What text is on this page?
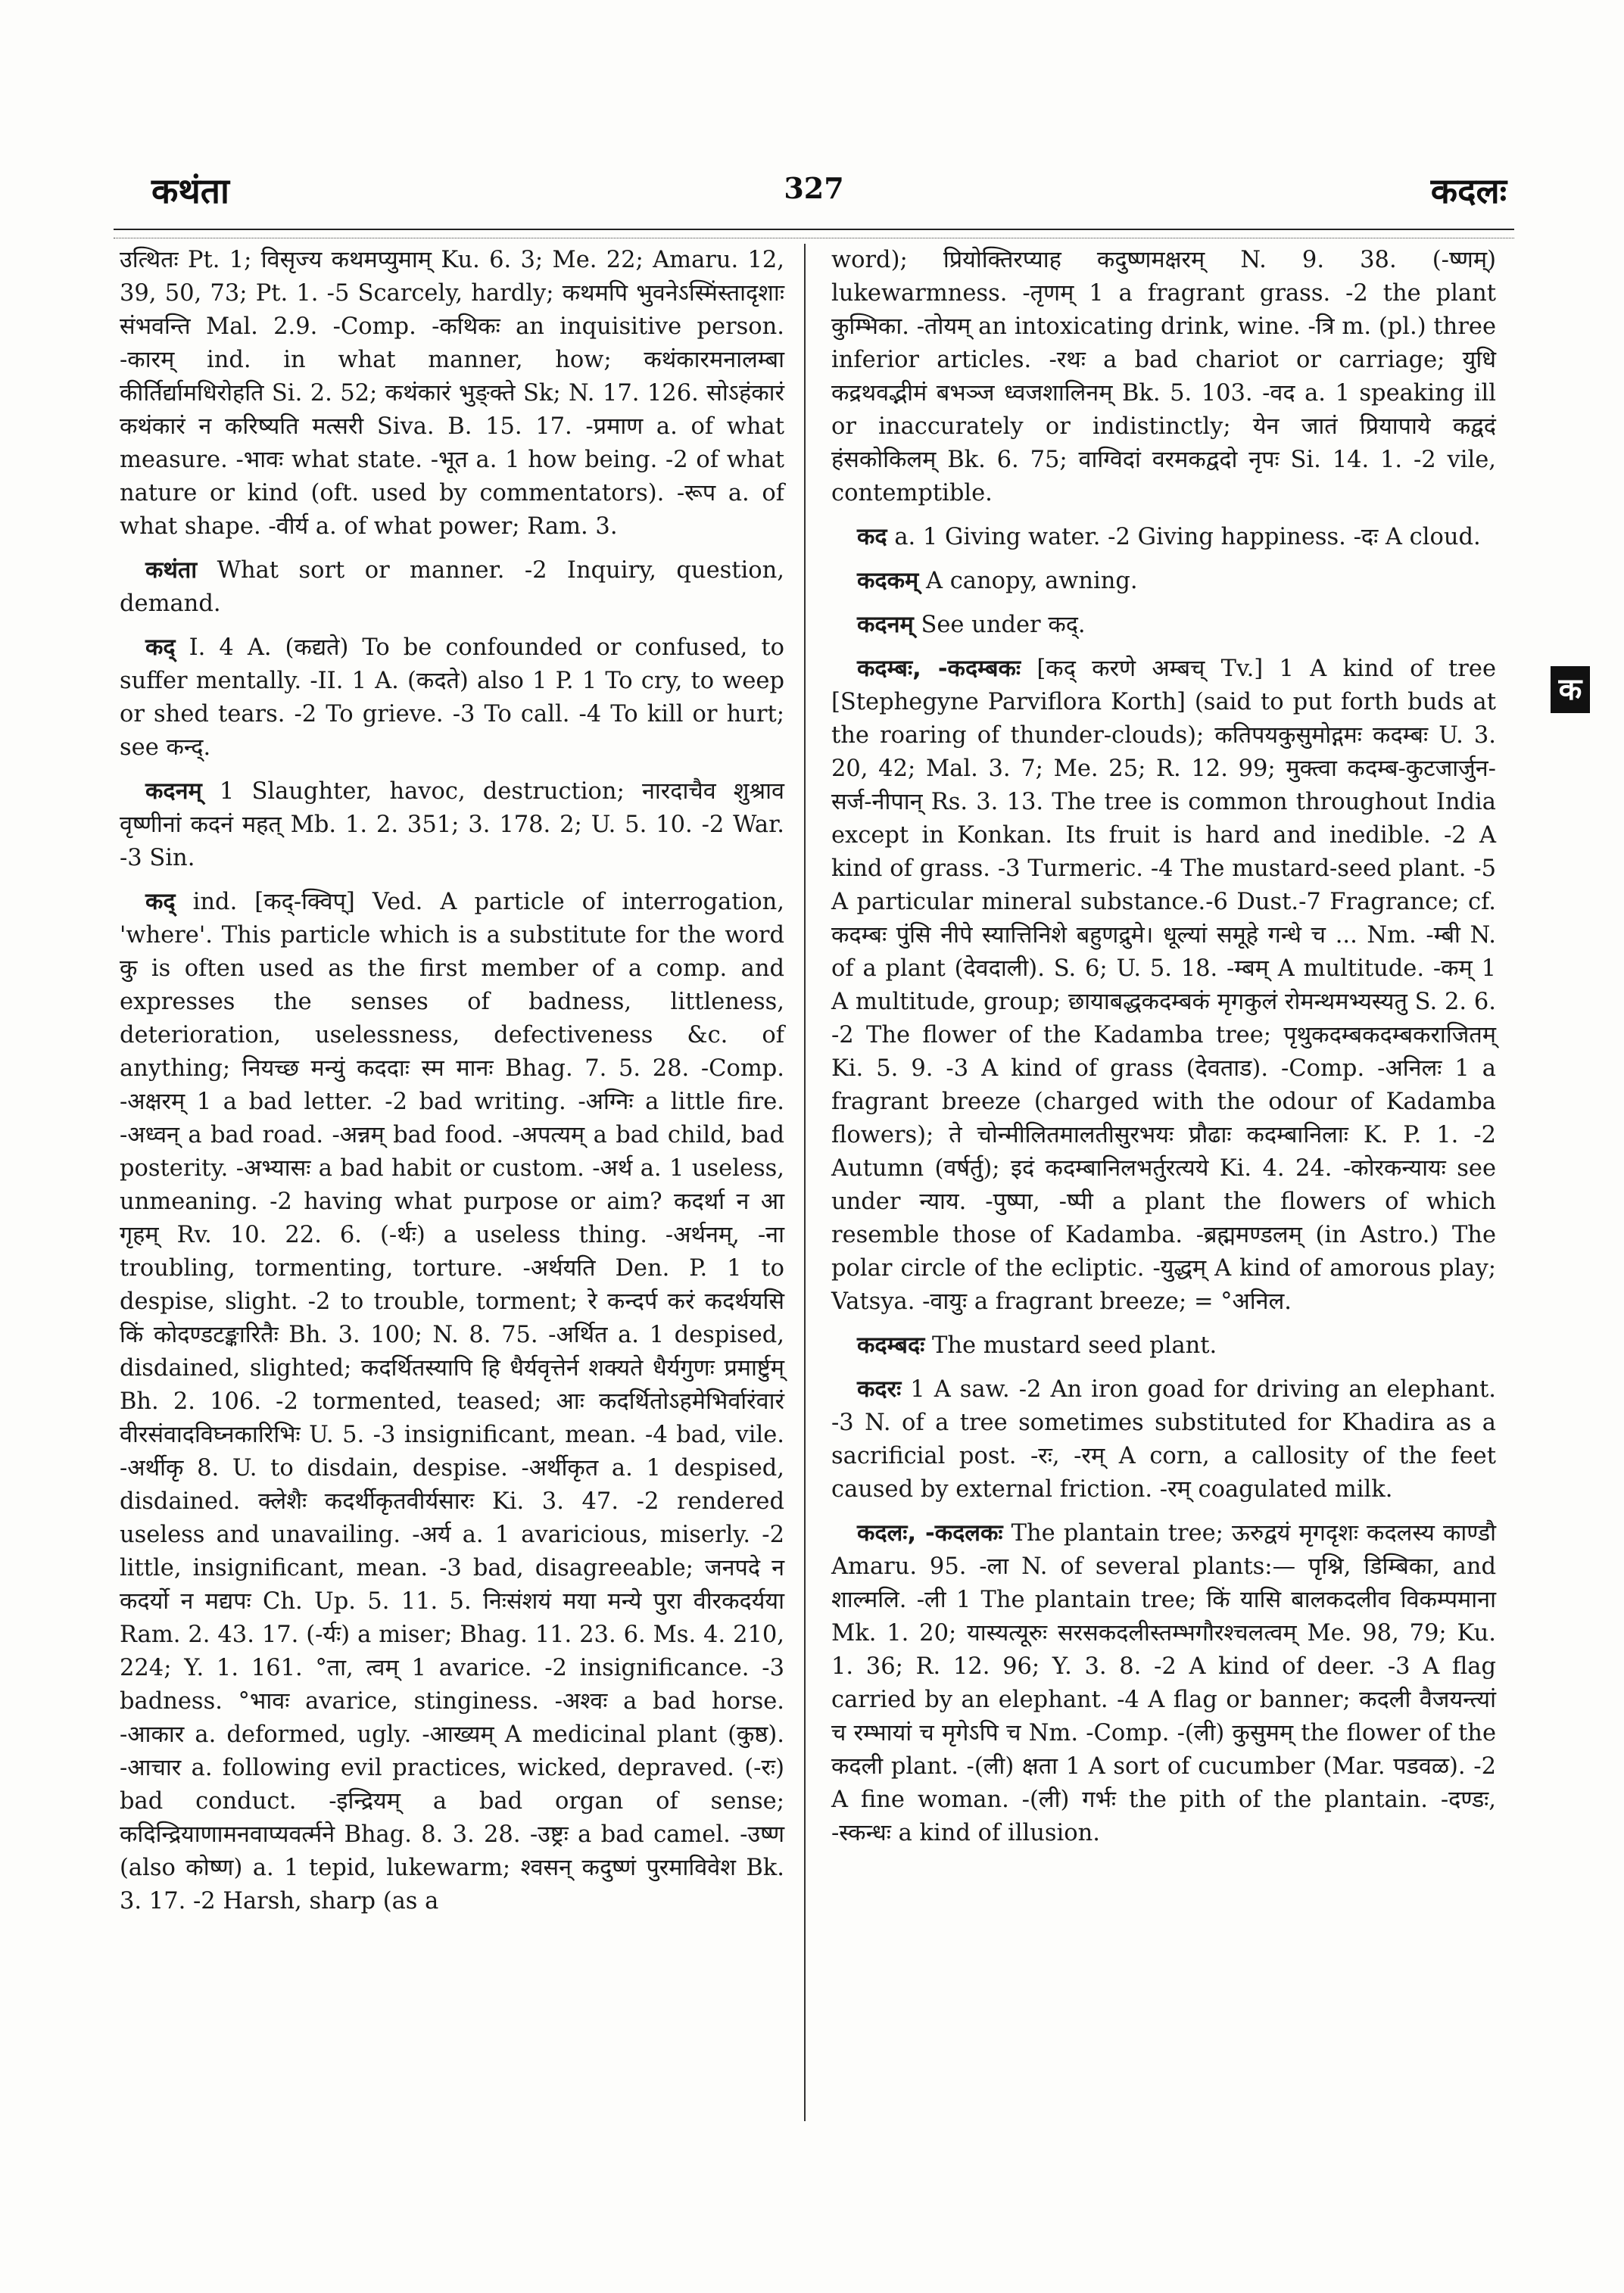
कथंता	327	कदलः

उत्थितः Pt. 1; विसृज्य कथमप्युमाम् Ku. 6. 3; Me. 22; Amaru. 12, 39, 50, 73; Pt. 1. -5 Scarcely, hardly; कथमपि भुवनेऽस्मिंस्तादृशाः संभवन्ति Mal. 2.9. -Comp. -कथिकः an inquisitive person. -कारम् ind. in what manner, how; कथंकारमनालम्बा कीर्तिर्द्यामधिरोहति Si. 2. 52; कथंकारं भुङ्क्ते Sk; N. 17. 126. सोऽहंकारं कथंकारं न करिष्यति मत्सरी Siva. B. 15. 17. -प्रमाण a. of what measure. -भावः what state. -भूत a. 1 how being. -2 of what nature or kind (oft. used by commentators). -रूप a. of what shape. -वीर्य a. of what power; Ram. 3.

कथंता What sort or manner. -2 Inquiry, question, demand.

कद् I. 4 A. (कद्यते) To be confounded or confused, to suffer mentally. -II. 1 A. (कदते) also 1 P. 1 To cry, to weep or shed tears. -2 To grieve. -3 To call. -4 To kill or hurt; see कन्द्.

कदनम् 1 Slaughter, havoc, destruction; नारदाचैव शुश्राव वृष्णीनां कदनं महत् Mb. 1. 2. 351; 3. 178. 2; U. 5. 10. -2 War. -3 Sin.

कद् ind. [कद्-क्विप्] Ved. A particle of interrogation, 'where'. This particle which is a substitute for the word कु is often used as the first member of a comp. and expresses the senses of badness, littleness, deterioration, uselessness, defectiveness &c. of anything; नियच्छ मन्युं कददाः स्म मानः Bhag. 7. 5. 28. -Comp. -अक्षरम् 1 a bad letter. -2 bad writing. -अग्निः a little fire. -अध्वन् a bad road. -अन्नम् bad food. -अपत्यम् a bad child, bad posterity. -अभ्यासः a bad habit or custom. -अर्थ a. 1 useless, unmeaning. -2 having what purpose or aim? कदर्था न आ गृहम् Rv. 10. 22. 6. (-र्थः) a useless thing. -अर्थनम्, -ना troubling, tormenting, torture. -अर्थयति Den. P. 1 to despise, slight. -2 to trouble, torment; रे कन्दर्प करं कदर्थयसि किं कोदण्डटङ्कारितैः Bh. 3. 100; N. 8. 75. -अर्थित a. 1 despised, disdained, slighted; कदर्थितस्यापि हि धैर्यवृत्तेर्न शक्यते धैर्यगुणः प्रमार्ष्टुम् Bh. 2. 106. -2 tormented, teased; आः कदर्थितोऽहमेभिर्वारंवारं वीरसंवादविघ्नकारिभिः U. 5. -3 insignificant, mean. -4 bad, vile. -अर्थीकृ 8. U. to disdain, despise. -अर्थीकृत a. 1 despised, disdained. क्लेशैः कदर्थीकृतवीर्यसारः Ki. 3. 47. -2 rendered useless and unavailing. -अर्य a. 1 avaricious, miserly. -2 little, insignificant, mean. -3 bad, disagreeable; जनपदे न कदर्यो न मद्यपः Ch. Up. 5. 11. 5. निःसंशयं मया मन्ये पुरा वीरकदर्यया Ram. 2. 43. 17. (-र्यः) a miser; Bhag. 11. 23. 6. Ms. 4. 210, 224; Y. 1. 161. °ता, त्वम् 1 avarice. -2 insignificance. -3 badness. °भावः avarice, stinginess. -अश्वः a bad horse. -आकार a. deformed, ugly. -आख्यम् A medicinal plant (कुष्ठ). -आचार a. following evil practices, wicked, depraved. (-रः) bad conduct. -इन्द्रियम् a bad organ of sense; कदिन्द्रियाणामनवाप्यवर्त्मने Bhag. 8. 3. 28. -उष्ट्रः a bad camel. -उष्ण (also कोष्ण) a. 1 tepid, lukewarm; श्वसन् कदुष्णं पुरमाविवेश Bk. 3. 17. -2 Harsh, sharp (as a

word); प्रियोक्तिरप्याह कदुष्णमक्षरम् N. 9. 38. (-ष्णम्) lukewarmness. -तृणम् 1 a fragrant grass. -2 the plant कुम्भिका. -तोयम् an intoxicating drink, wine. -त्रि m. (pl.) three inferior articles. -रथः a bad chariot or carriage; युधि कद्रथवद्भीमं बभञ्ज ध्वजशालिनम् Bk. 5. 103. -वद a. 1 speaking ill or inaccurately or indistinctly; येन जातं प्रियापाये कद्वदं हंसकोकिलम् Bk. 6. 75; वाग्विदां वरमकद्वदो नृपः Si. 14. 1. -2 vile, contemptible.

कद a. 1 Giving water. -2 Giving happiness. -दः A cloud.

कदकम् A canopy, awning.

कदनम् See under कद्.

कदम्बः, -कदम्बकः [कद् करणे अम्बच् Tv.] 1 A kind of tree [Stephegyne Parviflora Korth] (said to put forth buds at the roaring of thunder-clouds); कतिपयकुसुमोद्गमः कदम्बः U. 3. 20, 42; Mal. 3. 7; Me. 25; R. 12. 99; मुक्त्वा कदम्ब-कुटजार्जुन-सर्ज-नीपान् Rs. 3. 13. The tree is common throughout India except in Konkan. Its fruit is hard and inedible. -2 A kind of grass. -3 Turmeric. -4 The mustard-seed plant. -5 A particular mineral substance.-6 Dust.-7 Fragrance; cf. कदम्बः पुंसि नीपे स्यात्तिनिशे बहुणद्रुमे। धूल्यां समूहे गन्धे च ... Nm. -म्बी N. of a plant (देवदाली). S. 6; U. 5. 18. -म्बम् A multitude. -कम् 1 A multitude, group; छायाबद्धकदम्बकं मृगकुलं रोमन्थमभ्यस्यतु S. 2. 6. -2 The flower of the Kadamba tree; पृथुकदम्बकदम्बकराजितम् Ki. 5. 9. -3 A kind of grass (देवताड). -Comp. -अनिलः 1 a fragrant breeze (charged with the odour of Kadamba flowers); ते चोन्मीलितमालतीसुरभयः प्रौढाः कदम्बानिलाः K. P. 1. -2 Autumn (वर्षर्तु); इदं कदम्बानिलभर्तुरत्यये Ki. 4. 24. -कोरकन्यायः see under न्याय. -पुष्पा, -ष्पी a plant the flowers of which resemble those of Kadamba. -ब्रह्ममण्डलम् (in Astro.) The polar circle of the ecliptic. -युद्धम् A kind of amorous play; Vatsya. -वायुः a fragrant breeze; = °अनिल.

कदम्बदः The mustard seed plant.

कदरः 1 A saw. -2 An iron goad for driving an elephant. -3 N. of a tree sometimes substituted for Khadira as a sacrificial post. -रः, -रम् A corn, a callosity of the feet caused by external friction. -रम् coagulated milk.

कदलः, -कदलकः The plantain tree; ऊरुद्वयं मृगदृशः कदलस्य काण्डौ Amaru. 95. -ला N. of several plants:— पृश्नि, डिम्बिका, and शाल्मलि. -ली 1 The plantain tree; किं यासि बालकदलीव विकम्पमाना Mk. 1. 20; यास्यत्यूरुः सरसकदलीस्तम्भगौरश्चलत्वम् Me. 98, 79; Ku. 1. 36; R. 12. 96; Y. 3. 8. -2 A kind of deer. -3 A flag carried by an elephant. -4 A flag or banner; कदली वैजयन्त्यां च रम्भायां च मृगेऽपि च Nm. -Comp. -(ली) कुसुमम् the flower of the कदली plant. -(ली) क्षता 1 A sort of cucumber (Mar. पडवळ). -2 A fine woman. -(ली) गर्भः the pith of the plantain. -दण्डः, -स्कन्धः a kind of illusion.

क
